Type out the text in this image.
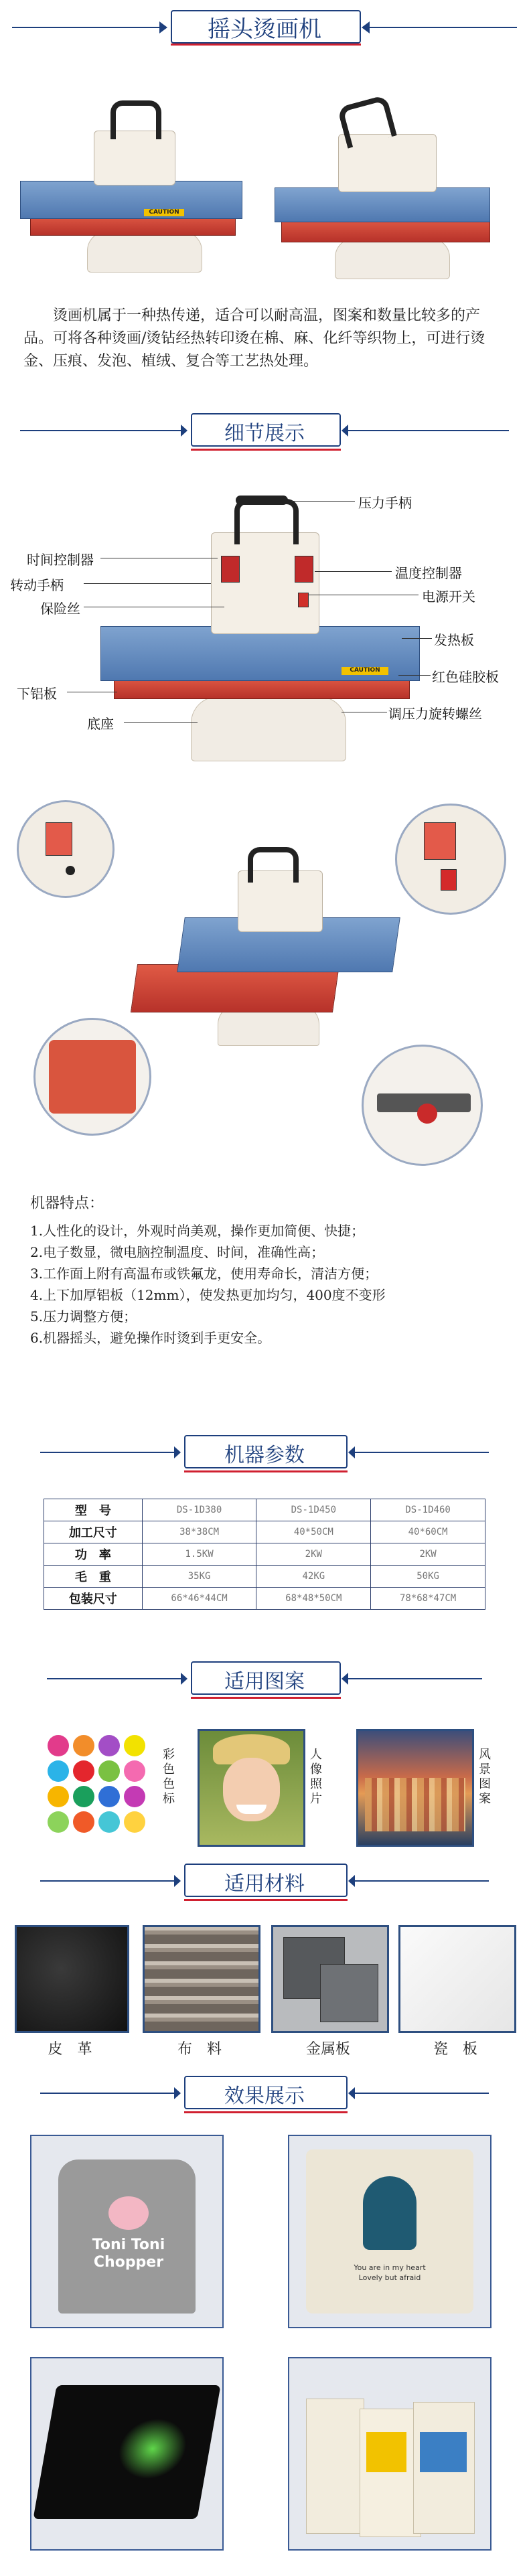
摇头烫画机
CAUTION
烫画机属于一种热传递，适合可以耐高温，图案和数量比较多的产品。可将各种烫画/烫钻经热转印烫在棉、麻、化纤等织物上，可进行烫金、压痕、发泡、植绒、复合等工艺热处理。
细节展示
CAUTION
压力手柄
时间控制器
转动手柄
保险丝
温度控制器
电源开关
发热板
红色硅胶板
下铝板
调压力旋转螺丝
底座
机器特点：
1.人性化的设计，外观时尚美观，操作更加简便、快捷；
2.电子数显，微电脑控制温度、时间，准确性高；
3.工作面上附有高温布或铁氟龙，使用寿命长，清洁方便；
4.上下加厚铝板（12mm），使发热更加均匀，400度不变形
5.压力调整方便；
6.机器摇头，避免操作时烫到手更安全。
机器参数
型　号	DS-1D380	DS-1D450	DS-1D460
加工尺寸	38*38CM	40*50CM	40*60CM
功　率	1.5KW	2KW	2KW
毛　重	35KG	42KG	50KG
包装尺寸	66*46*44CM	68*48*50CM	78*68*47CM
适用图案
彩色色标
人像照片
风景图案
适用材料
皮　革	布　料	金属板	瓷　板
效果展示
Toni Toni Chopper	You are in my heart
Lovely but afraid
